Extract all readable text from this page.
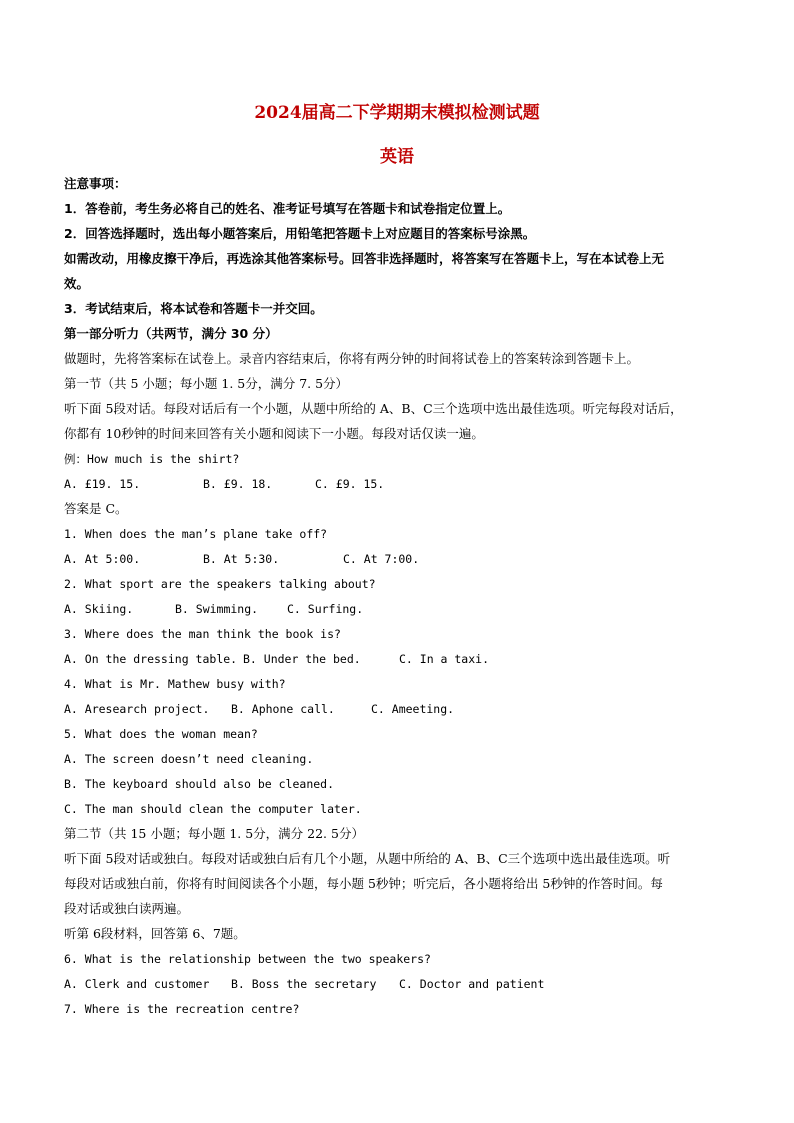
2024届高二下学期期末模拟检测试题
英语
注意事项：
1．答卷前，考生务必将自己的姓名、准考证号填写在答题卡和试卷指定位置上。
2．回答选择题时，选出每小题答案后，用铅笔把答题卡上对应题目的答案标号涂黑。
如需改动，用橡皮擦干净后，再选涂其他答案标号。回答非选择题时，将答案写在答题卡上，写在本试卷上无
效。
3．考试结束后，将本试卷和答题卡一并交回。
第一部分听力（共两节，满分 30 分）
做题时，先将答案标在试卷上。录音内容结束后，你将有两分钟的时间将试卷上的答案转涂到答题卡上。
第一节（共 5 小题；每小题 1. 5分，满分 7. 5分）
听下面 5段对话。每段对话后有一个小题，从题中所给的 A、B、C三个选项中选出最佳选项。听完每段对话后，
你都有 10秒钟的时间来回答有关小题和阅读下一小题。每段对话仅读一遍。
例：How much is the shirt?
A. £19. 15.	B. £9. 18.	C. £9. 15.
答案是 C。
1. When does the man’s plane take off?
A. At 5:00.	B. At 5:30.	C. At 7:00.
2. What sport are the speakers talking about?
A. Skiing.	B. Swimming.	C. Surfing.
3. Where does the man think the book is?
A. On the dressing table. B. Under the bed.	C. In a taxi.
4. What is Mr. Mathew busy with?
A. Aresearch project. B. Aphone call.	C. Ameeting.
5. What does the woman mean?
A. The screen doesn’t need cleaning.
B. The keyboard should also be cleaned.
C. The man should clean the computer later.
第二节（共 15 小题；每小题 1. 5分，满分 22. 5分）
听下面 5段对话或独白。每段对话或独白后有几个小题，从题中所给的 A、B、C三个选项中选出最佳选项。听
每段对话或独白前，你将有时间阅读各个小题，每小题 5秒钟；听完后，各小题将给出 5秒钟的作答时间。每
段对话或独白读两遍。
听第 6段材料，回答第 6、7题。
6. What is the relationship between the two speakers?
A. Clerk and customer B. Boss the secretary C. Doctor and patient
7. Where is the recreation centre?
